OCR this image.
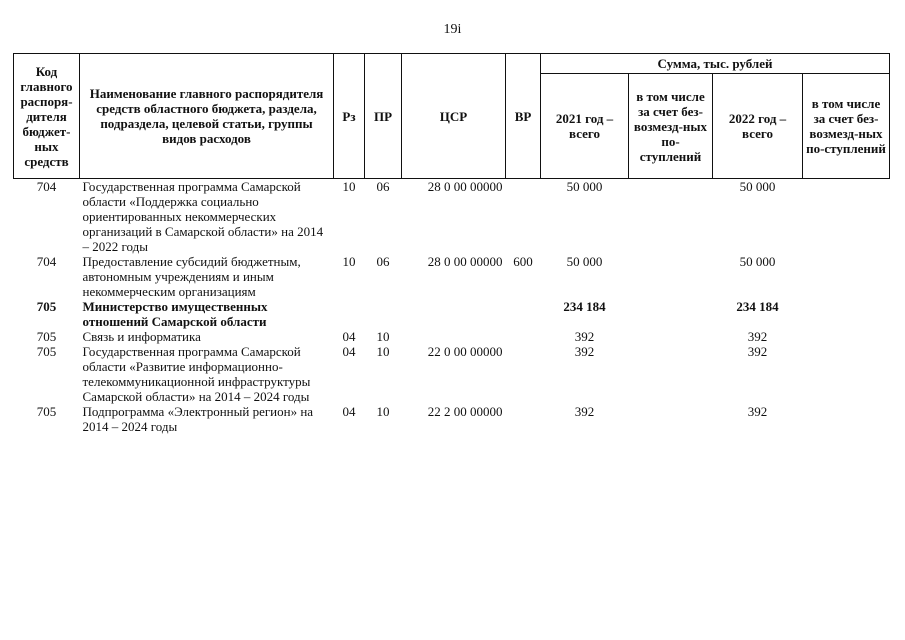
19i
Код главного распоря-дителя бюджет-ных средств	Наименование главного распорядителя средств областного бюджета, раздела, подраздела, целевой статьи, группы видов расходов	Рз	ПР	ЦСР	ВР	Сумма, тыс. рублей			
						2021 год – всего	в том числе за счет без-возмезд-ных по-ступлений	2022 год – всего	в том числе за счет без-возмезд-ных по-ступлений
704	Государственная программа Самарской области «Поддержка социально ориентированных некоммерческих организаций в Самарской области» на 2014 – 2022 годы	10	06	28 0 00 00000		50 000		50 000	
704	Предоставление субсидий бюджетным, автономным учреждениям и иным некоммерческим организациям	10	06	28 0 00 00000	600	50 000		50 000	
705	Министерство имущественных отношений Самарской области					234 184		234 184	
705	Связь и информатика	04	10			392		392	
705	Государственная программа Самарской области «Развитие информационно-телекоммуникационной инфраструктуры Самарской области» на 2014 – 2024 годы	04	10	22 0 00 00000		392		392	
705	Подпрограмма «Электронный регион» на 2014 – 2024 годы	04	10	22 2 00 00000		392		392	
